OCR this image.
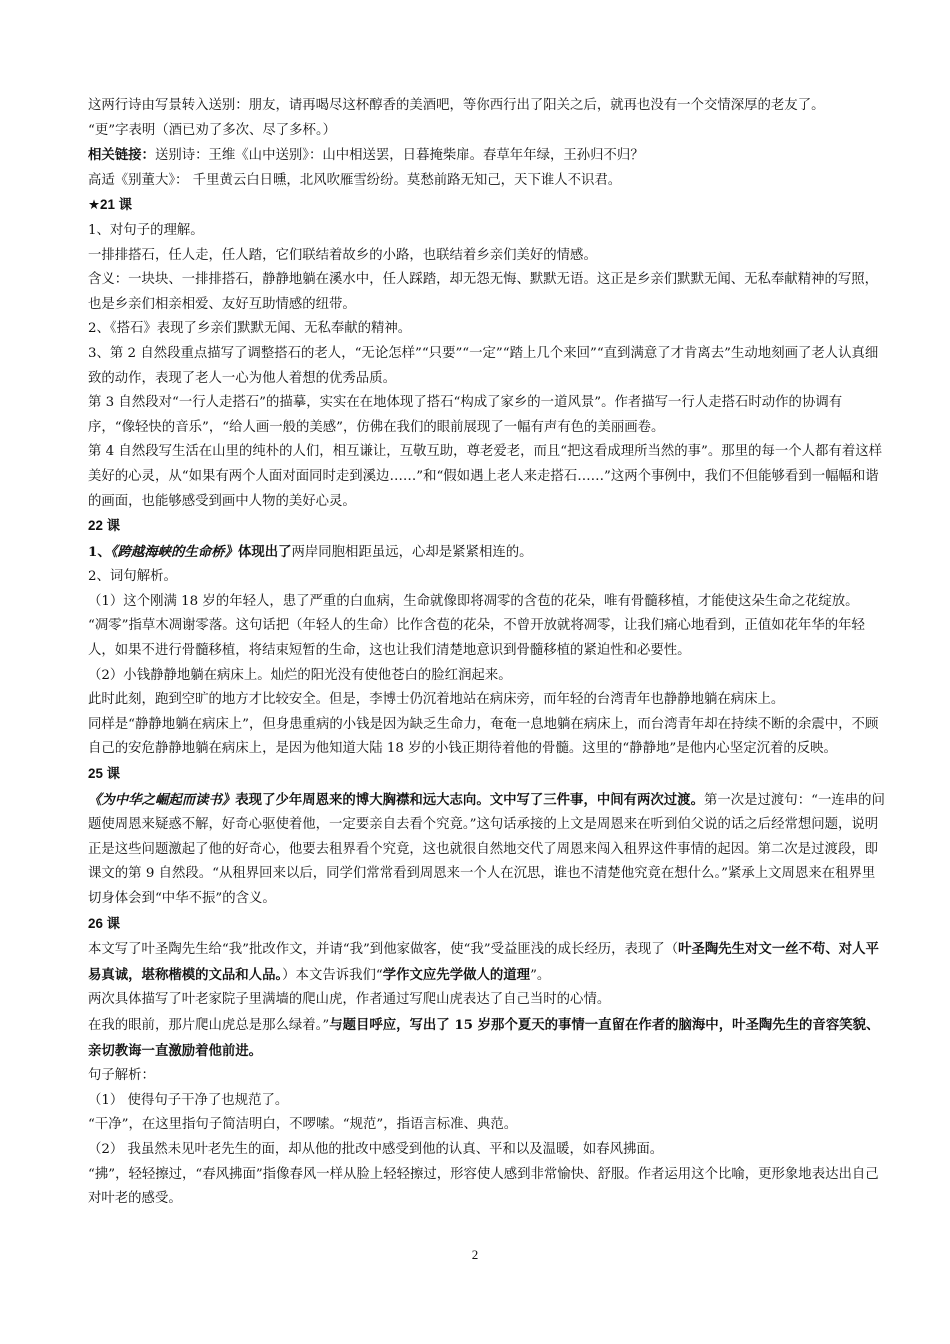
这两行诗由写景转入送别：朋友，请再喝尽这杯醇香的美酒吧，等你西行出了阳关之后，就再也没有一个交情深厚的老友了。

“更”字表明（酒已劝了多次、尽了多杯。）

相关链接：送别诗：王维《山中送别》：山中相送罢，日暮掩柴扉。春草年年绿，王孙归不归？

高适《别董大》： 千里黄云白日曛，北风吹雁雪纷纷。莫愁前路无知己，天下谁人不识君。

★21 课

1、对句子的理解。

一排排搭石，任人走，任人踏，它们联结着故乡的小路，也联结着乡亲们美好的情感。

含义：一块块、一排排搭石，静静地躺在溪水中，任人踩踏，却无怨无悔、默默无语。这正是乡亲们默默无闻、无私奉献精神的写照，也是乡亲们相亲相爱、友好互助情感的纽带。

2、《搭石》表现了乡亲们默默无闻、无私奉献的精神。

3、第 2 自然段重点描写了调整搭石的老人，“无论怎样”“只要”“一定”“踏上几个来回”“直到满意了才肯离去”生动地刻画了老人认真细致的动作，表现了老人一心为他人着想的优秀品质。

第 3 自然段对“一行人走搭石”的描摹，实实在在地体现了搭石“构成了家乡的一道风景”。作者描写一行人走搭石时动作的协调有序，“像轻快的音乐”，“给人画一般的美感”，仿佛在我们的眼前展现了一幅有声有色的美丽画卷。

第 4 自然段写生活在山里的纯朴的人们，相互谦让，互敬互助，尊老爱老，而且“把这看成理所当然的事”。那里的每一个人都有着这样美好的心灵，从“如果有两个人面对面同时走到溪边……”和“假如遇上老人来走搭石……”这两个事例中，我们不但能够看到一幅幅和谐的画面，也能够感受到画中人物的美好心灵。

22 课

1、《跨越海峡的生命桥》体现出了两岸同胞相距虽远，心却是紧紧相连的。

2、词句解析。

（1）这个刚满 18 岁的年轻人，患了严重的白血病，生命就像即将凋零的含苞的花朵，唯有骨髓移植，才能使这朵生命之花绽放。

“凋零”指草木凋谢零落。这句话把（年轻人的生命）比作含苞的花朵，不曾开放就将凋零，让我们痛心地看到，正值如花年华的年轻人，如果不进行骨髓移植，将结束短暂的生命，这也让我们清楚地意识到骨髓移植的紧迫性和必要性。

（2）小钱静静地躺在病床上。灿烂的阳光没有使他苍白的脸红润起来。

此时此刻，跑到空旷的地方才比较安全。但是，李博士仍沉着地站在病床旁，而年轻的台湾青年也静静地躺在病床上。

同样是“静静地躺在病床上”，但身患重病的小钱是因为缺乏生命力，奄奄一息地躺在病床上，而台湾青年却在持续不断的余震中，不顾自己的安危静静地躺在病床上，是因为他知道大陆 18 岁的小钱正期待着他的骨髓。这里的“静静地”是他内心坚定沉着的反映。

25 课

《为中华之崛起而读书》表现了少年周恩来的博大胸襟和远大志向。文中写了三件事，中间有两次过渡。第一次是过渡句：“一连串的问题使周恩来疑惑不解，好奇心驱使着他，一定要亲自去看个究竟。”这句话承接的上文是周恩来在听到伯父说的话之后经常想问题，说明正是这些问题激起了他的好奇心，他要去租界看个究竟，这也就很自然地交代了周恩来闯入租界这件事情的起因。第二次是过渡段，即课文的第 9 自然段。“从租界回来以后，同学们常常看到周恩来一个人在沉思，谁也不清楚他究竟在想什么。”紧承上文周恩来在租界里切身体会到“中华不振”的含义。

26 课

本文写了叶圣陶先生给“我”批改作文，并请“我”到他家做客，使“我”受益匪浅的成长经历，表现了（叶圣陶先生对文一丝不苟、对人平易真诚，堪称楷模的文品和人品。）本文告诉我们“学作文应先学做人的道理”。

两次具体描写了叶老家院子里满墙的爬山虎，作者通过写爬山虎表达了自己当时的心情。

在我的眼前，那片爬山虎总是那么绿着。”与题目呼应，写出了 15 岁那个夏天的事情一直留在作者的脑海中，叶圣陶先生的音容笑貌、亲切教诲一直激励着他前进。

句子解析：

（1） 使得句子干净了也规范了。

“干净”，在这里指句子简洁明白，不啰嗦。“规范”，指语言标准、典范。

（2） 我虽然未见叶老先生的面，却从他的批改中感受到他的认真、平和以及温暖，如春风拂面。

“拂”，轻轻擦过，“春风拂面”指像春风一样从脸上轻轻擦过，形容使人感到非常愉快、舒服。作者运用这个比喻，更形象地表达出自己对叶老的感受。

2
